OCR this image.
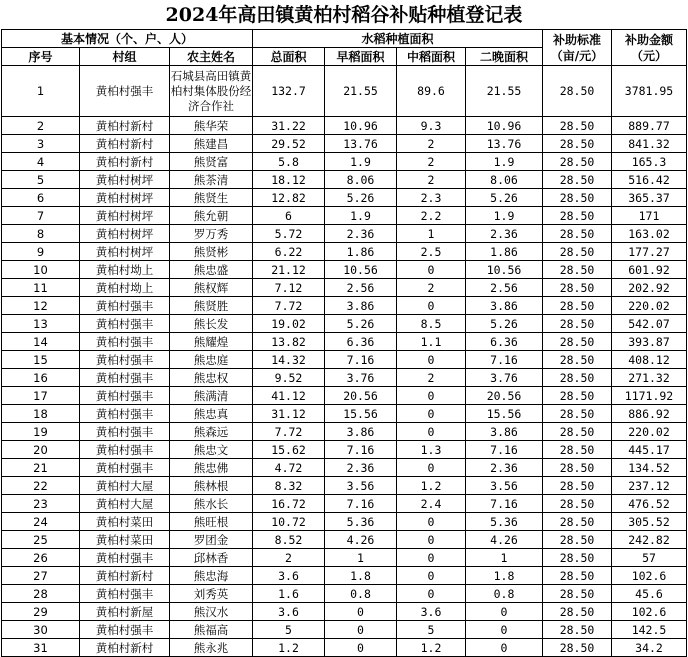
2024年高田镇黄柏村稻谷补贴种植登记表
基本情况（个、户、人）			水稻种植面积				补助标准（亩/元）	补助金额（元）
序号	村组	农主姓名	总面积	早稻面积	中稻面积	二晚面积		
1	黄柏村强丰	石城县高田镇黄柏村集体股份经济合作社	132.7	21.55	89.6	21.55	28.50	3781.95
2	黄柏村新村	熊华荣	31.22	10.96	9.3	10.96	28.50	889.77
3	黄柏村新村	熊建昌	29.52	13.76	2	13.76	28.50	841.32
4	黄柏村新村	熊贤富	5.8	1.9	2	1.9	28.50	165.3
5	黄柏村树坪	熊茶清	18.12	8.06	2	8.06	28.50	516.42
6	黄柏村树坪	熊贤生	12.82	5.26	2.3	5.26	28.50	365.37
7	黄柏村树坪	熊允朝	6	1.9	2.2	1.9	28.50	171
8	黄柏村树坪	罗万秀	5.72	2.36	1	2.36	28.50	163.02
9	黄柏村树坪	熊贤彬	6.22	1.86	2.5	1.86	28.50	177.27
10	黄柏村坳上	熊忠盛	21.12	10.56	0	10.56	28.50	601.92
11	黄柏村坳上	熊权辉	7.12	2.56	2	2.56	28.50	202.92
12	黄柏村强丰	熊贤胜	7.72	3.86	0	3.86	28.50	220.02
13	黄柏村强丰	熊长发	19.02	5.26	8.5	5.26	28.50	542.07
14	黄柏村强丰	熊耀煌	13.82	6.36	1.1	6.36	28.50	393.87
15	黄柏村强丰	熊忠庭	14.32	7.16	0	7.16	28.50	408.12
16	黄柏村强丰	熊忠权	9.52	3.76	2	3.76	28.50	271.32
17	黄柏村强丰	熊满清	41.12	20.56	0	20.56	28.50	1171.92
18	黄柏村强丰	熊忠真	31.12	15.56	0	15.56	28.50	886.92
19	黄柏村强丰	熊森远	7.72	3.86	0	3.86	28.50	220.02
20	黄柏村强丰	熊忠文	15.62	7.16	1.3	7.16	28.50	445.17
21	黄柏村强丰	熊忠佛	4.72	2.36	0	2.36	28.50	134.52
22	黄柏村大屋	熊林根	8.32	3.56	1.2	3.56	28.50	237.12
23	黄柏村大屋	熊水长	16.72	7.16	2.4	7.16	28.50	476.52
24	黄柏村菜田	熊旺根	10.72	5.36	0	5.36	28.50	305.52
25	黄柏村菜田	罗团金	8.52	4.26	0	4.26	28.50	242.82
26	黄柏村强丰	邱林香	2	1	0	1	28.50	57
27	黄柏村新村	熊忠海	3.6	1.8	0	1.8	28.50	102.6
28	黄柏村强丰	刘秀英	1.6	0.8	0	0.8	28.50	45.6
29	黄柏村新屋	熊汉水	3.6	0	3.6	0	28.50	102.6
30	黄柏村强丰	熊福高	5	0	5	0	28.50	142.5
31	黄柏村新村	熊永兆	1.2	0	1.2	0	28.50	34.2
